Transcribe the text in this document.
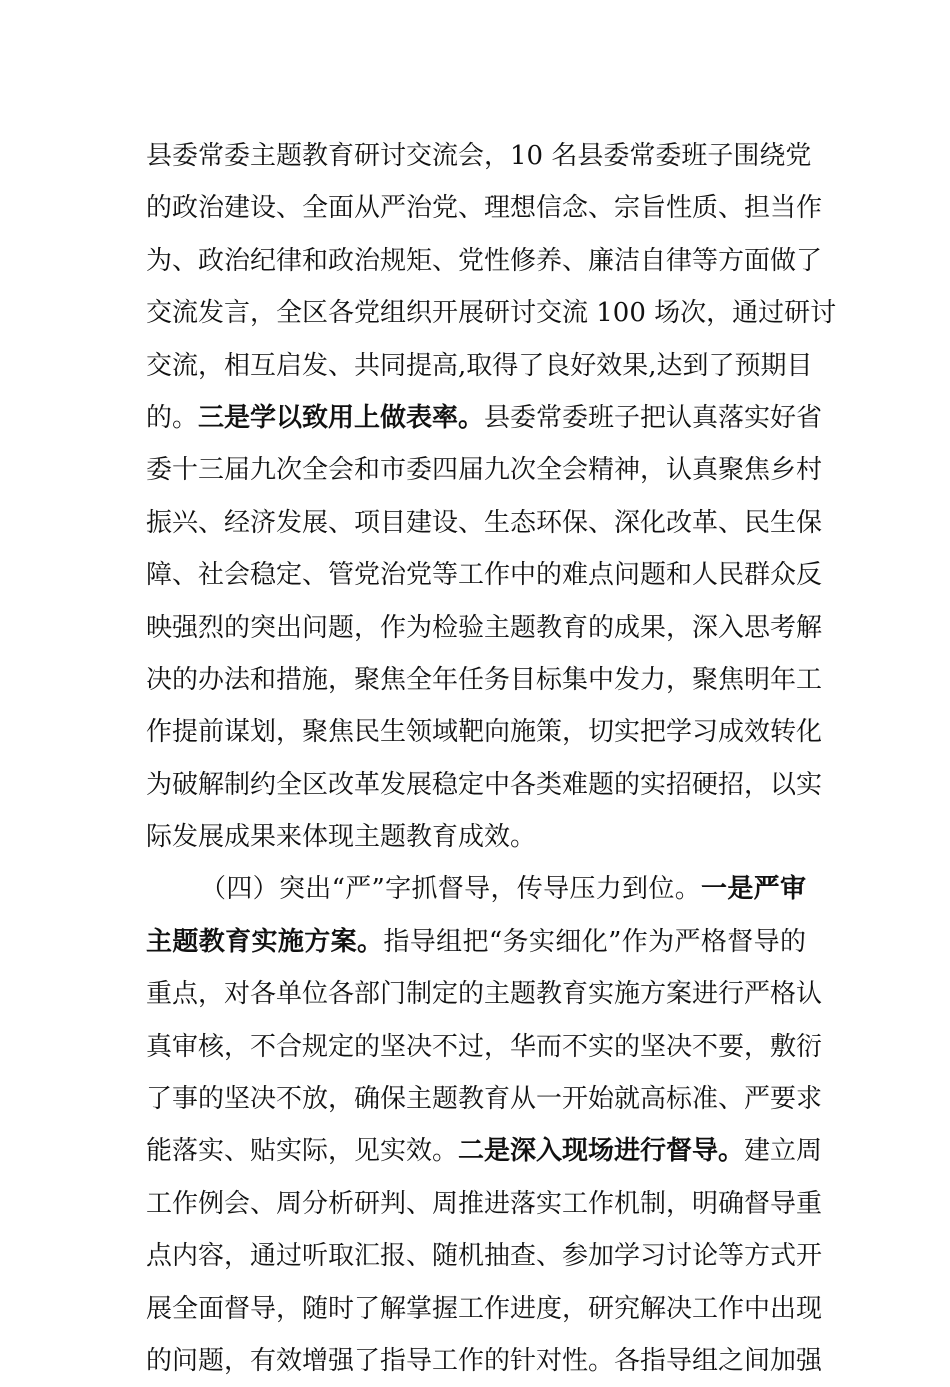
县委常委主题教育研讨交流会，10 名县委常委班子围绕党
的政治建设、全面从严治党、理想信念、宗旨性质、担当作
为、政治纪律和政治规矩、党性修养、廉洁自律等方面做了
交流发言，全区各党组织开展研讨交流 100 场次，通过研讨
交流，相互启发、共同提高,取得了良好效果,达到了预期目
的。三是学以致用上做表率。县委常委班子把认真落实好省
委十三届九次全会和市委四届九次全会精神，认真聚焦乡村
振兴、经济发展、项目建设、生态环保、深化改革、民生保
障、社会稳定、管党治党等工作中的难点问题和人民群众反
映强烈的突出问题，作为检验主题教育的成果，深入思考解
决的办法和措施，聚焦全年任务目标集中发力，聚焦明年工
作提前谋划，聚焦民生领域靶向施策，切实把学习成效转化
为破解制约全区改革发展稳定中各类难题的实招硬招，以实
际发展成果来体现主题教育成效。
（四）突出“严”字抓督导，传导压力到位。一是严审
主题教育实施方案。指导组把“务实细化”作为严格督导的
重点，对各单位各部门制定的主题教育实施方案进行严格认
真审核，不合规定的坚决不过，华而不实的坚决不要，敷衍
了事的坚决不放，确保主题教育从一开始就高标准、严要求
能落实、贴实际，见实效。二是深入现场进行督导。建立周
工作例会、周分析研判、周推进落实工作机制，明确督导重
点内容，通过听取汇报、随机抽查、参加学习讨论等方式开
展全面督导，随时了解掌握工作进度，研究解决工作中出现
的问题，有效增强了指导工作的针对性。各指导组之间加强
